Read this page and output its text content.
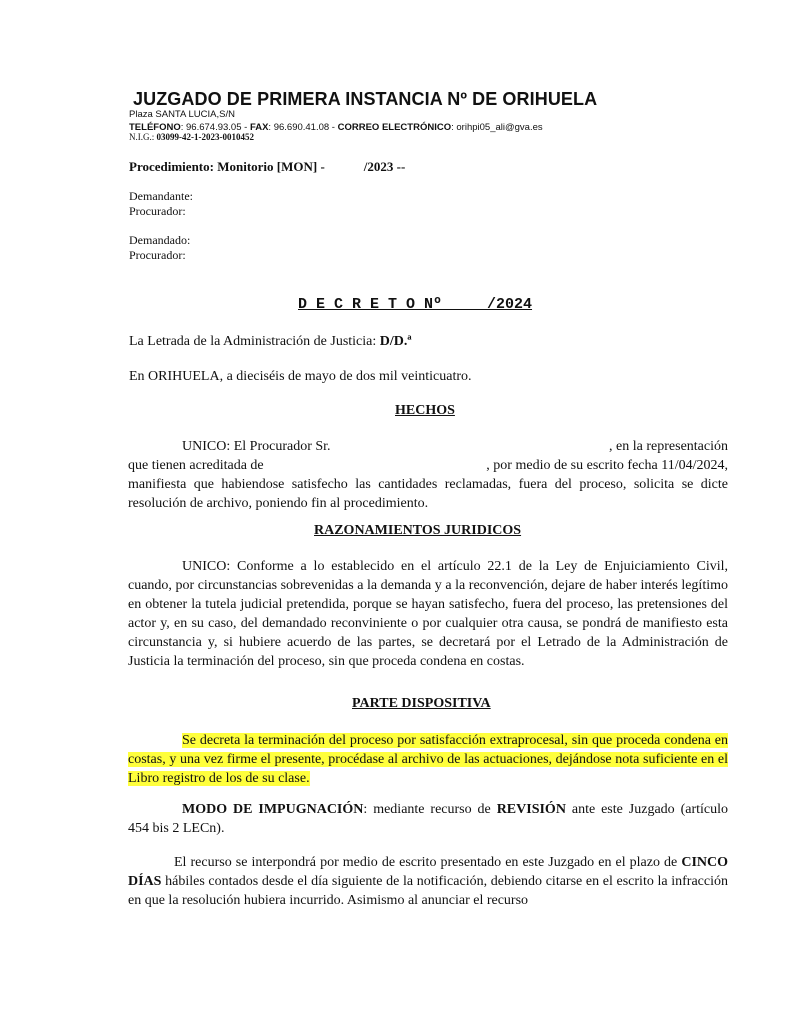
JUZGADO DE PRIMERA INSTANCIA Nº DE ORIHUELA
Plaza SANTA LUCIA,S/N
TELÉFONO: 96.674.93.05 - FAX: 96.690.41.08 - CORREO ELECTRÓNICO: orihpi05_ali@gva.es
N.I.G.: 03099-42-1-2023-0010452
Procedimiento: Monitorio [MON] -            /2023 --
Demandante:
Procurador:
Demandado:
Procurador:
D E C R E T O Nº     /2024
La Letrada de la Administración de Justicia: D/D.ª
En ORIHUELA, a dieciséis de mayo de dos mil veinticuatro.
HECHOS
UNICO: El Procurador Sr.	, en la representación
que tienen acreditada de	, por medio de su escrito fecha 11/04/2024,
manifiesta que habiendose satisfecho las cantidades reclamadas, fuera del proceso, solicita se dicte resolución de archivo, poniendo fin al procedimiento.
RAZONAMIENTOS JURIDICOS
UNICO: Conforme a lo establecido en el artículo 22.1 de la Ley de Enjuiciamiento Civil, cuando, por circunstancias sobrevenidas a la demanda y a la reconvención, dejare de haber interés legítimo en obtener la tutela judicial pretendida, porque se hayan satisfecho, fuera del proceso, las pretensiones del actor y, en su caso, del demandado reconviniente o por cualquier otra causa, se pondrá de manifiesto esta circunstancia y, si hubiere acuerdo de las partes, se decretará por el Letrado de la Administración de Justicia la terminación del proceso, sin que proceda condena en costas.
PARTE DISPOSITIVA
Se decreta la terminación del proceso por satisfacción extraprocesal, sin que proceda condena en costas, y una vez firme el presente, procédase al archivo de las actuaciones, dejándose nota suficiente en el Libro registro de los de su clase.
MODO DE IMPUGNACIÓN: mediante recurso de REVISIÓN ante este Juzgado (artículo 454 bis 2 LECn).
El recurso se interpondrá por medio de escrito presentado en este Juzgado en el plazo de CINCO DÍAS hábiles contados desde el día siguiente de la notificación, debiendo citarse en el escrito la infracción en que la resolución hubiera incurrido. Asimismo al anunciar el recurso
